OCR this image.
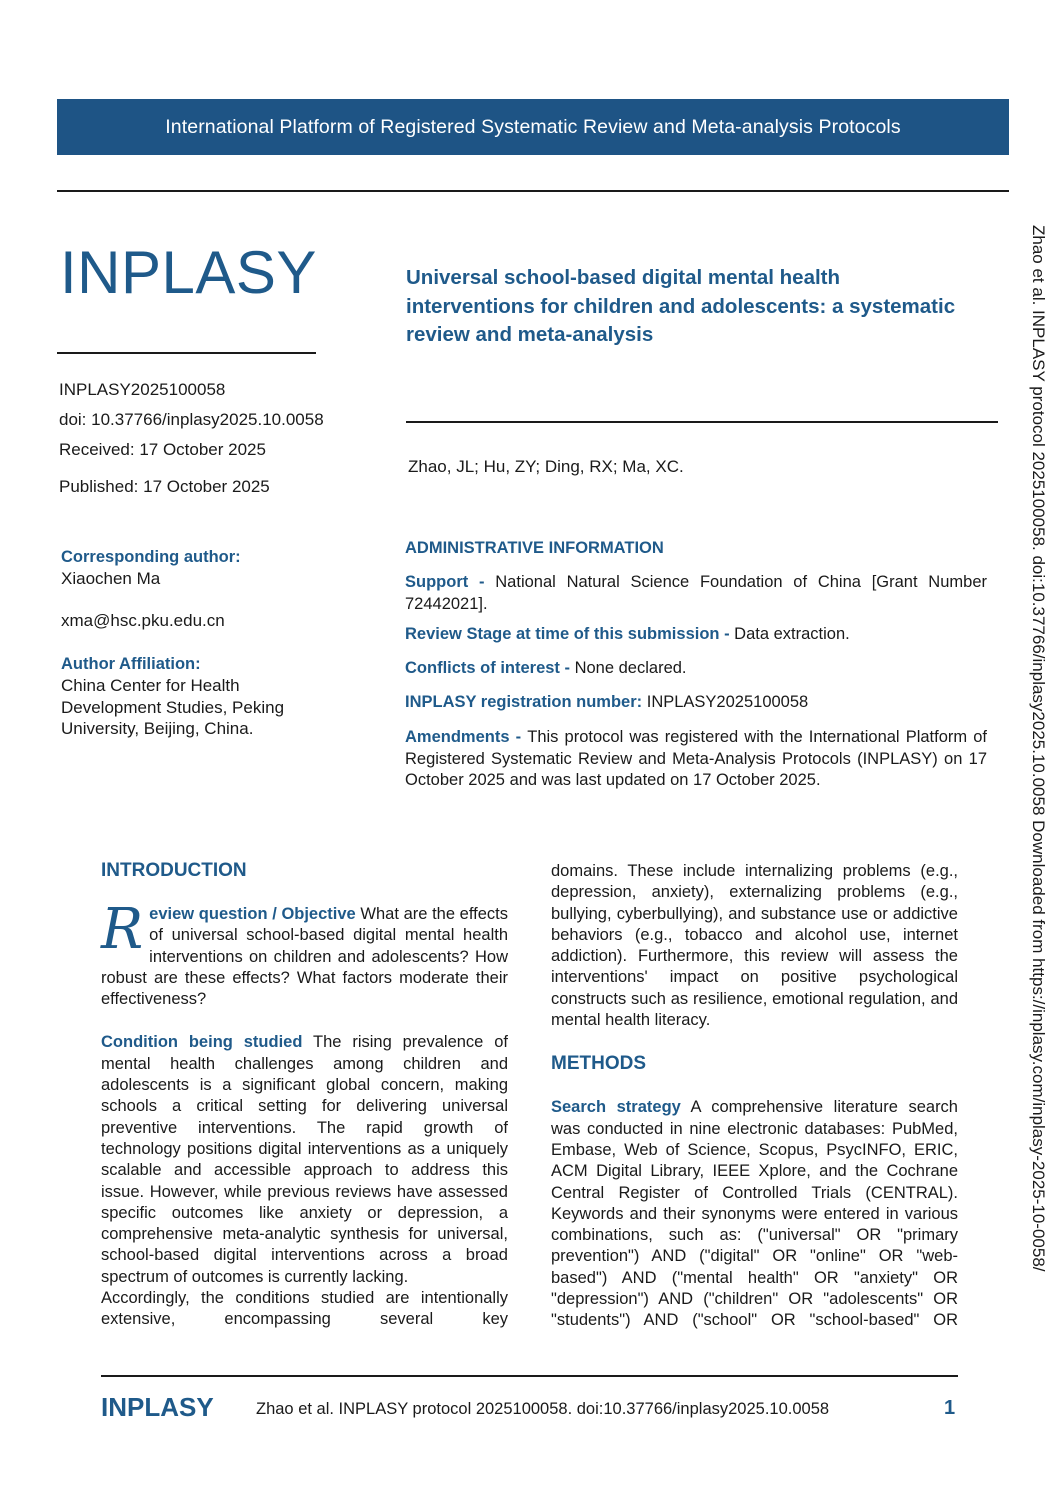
International Platform of Registered Systematic Review and Meta-analysis Protocols
INPLASY	Universal school-based digital mental health interventions for children and adolescents: a systematic review and meta-analysis
INPLASY2025100058
doi: 10.37766/inplasy2025.10.0058
Received: 17 October 2025
Published: 17 October 2025
Zhao, JL; Hu, ZY; Ding, RX; Ma, XC.
Corresponding author:
Xiaochen Ma
xma@hsc.pku.edu.cn
Author Affiliation:
China Center for Health Development Studies, Peking University, Beijing, China.
ADMINISTRATIVE INFORMATION
Support - National Natural Science Foundation of China [Grant Number 72442021].
Review Stage at time of this submission - Data extraction.
Conflicts of interest - None declared.
INPLASY registration number: INPLASY2025100058
Amendments - This protocol was registered with the International Platform of Registered Systematic Review and Meta-Analysis Protocols (INPLASY) on 17 October 2025 and was last updated on 17 October 2025.
INTRODUCTION
Review question / Objective What are the effects of universal school-based digital mental health interventions on children and adolescents? How robust are these effects? What factors moderate their effectiveness?
Condition being studied The rising prevalence of mental health challenges among children and adolescents is a significant global concern, making schools a critical setting for delivering universal preventive interventions. The rapid growth of technology positions digital interventions as a uniquely scalable and accessible approach to address this issue. However, while previous reviews have assessed specific outcomes like anxiety or depression, a comprehensive meta-analytic synthesis for universal, school-based digital interventions across a broad spectrum of outcomes is currently lacking.
Accordingly, the conditions studied are intentionally extensive, encompassing several key
domains. These include internalizing problems (e.g., depression, anxiety), externalizing problems (e.g., bullying, cyberbullying), and substance use or addictive behaviors (e.g., tobacco and alcohol use, internet addiction). Furthermore, this review will assess the interventions' impact on positive psychological constructs such as resilience, emotional regulation, and mental health literacy.
METHODS
Search strategy A comprehensive literature search was conducted in nine electronic databases: PubMed, Embase, Web of Science, Scopus, PsycINFO, ERIC, ACM Digital Library, IEEE Xplore, and the Cochrane Central Register of Controlled Trials (CENTRAL). Keywords and their synonyms were entered in various combinations, such as: ("universal" OR "primary prevention") AND ("digital" OR "online" OR "web-based") AND ("mental health" OR "anxiety" OR "depression") AND ("children" OR "adolescents" OR "students") AND ("school" OR "school-based" OR
Zhao et al. INPLASY protocol 2025100058. doi:10.37766/inplasy2025.10.0058 Downloaded from https://inplasy.com/inplasy-2025-10-0058/
INPLASY	Zhao et al. INPLASY protocol 2025100058. doi:10.37766/inplasy2025.10.0058	1
